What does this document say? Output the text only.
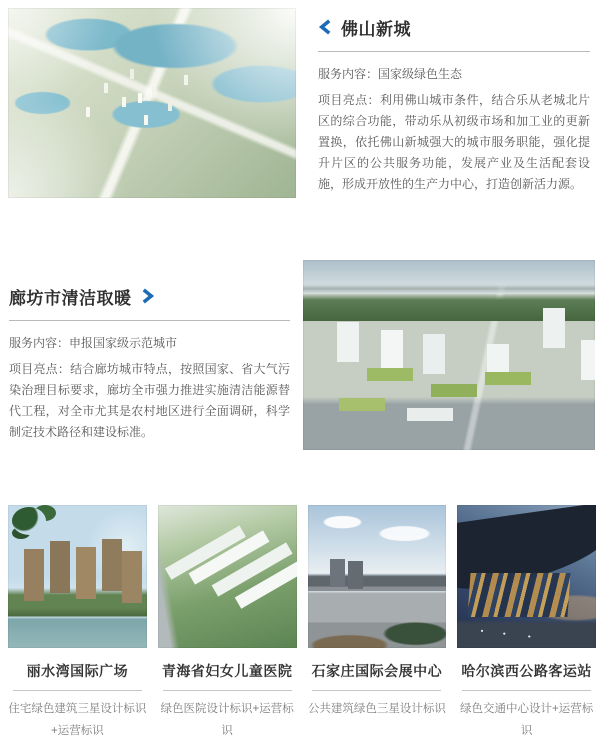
佛山新城

服务内容：国家级绿色生态

项目亮点：利用佛山城市条件，结合乐从老城北片区的综合功能，带动乐从初级市场和加工业的更新置换，依托佛山新城强大的城市服务职能，强化提升片区的公共服务功能，发展产业及生活配套设施，形成开放性的生产力中心，打造创新活力源。

廊坊市清洁取暖

服务内容：申报国家级示范城市

项目亮点：结合廊坊城市特点，按照国家、省大气污染治理目标要求，廊坊全市强力推进实施清洁能源替代工程，对全市尤其是农村地区进行全面调研，科学制定技术路径和建设标准。

丽水湾国际广场
住宅绿色建筑三星设计标识+运营标识
青海省妇女儿童医院
绿色医院设计标识+运营标识
石家庄国际会展中心
公共建筑绿色三星设计标识
哈尔滨西公路客运站
绿色交通中心设计+运营标识
